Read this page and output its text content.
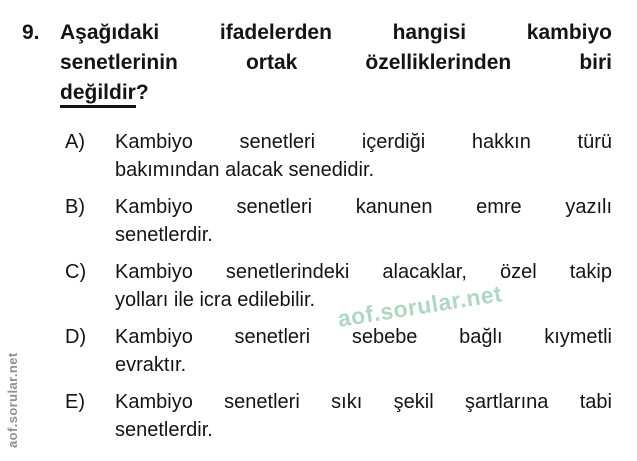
aof.sorular.net
aof.sorular.net
9. Aşağıdaki ifadelerden hangisi kambiyo
senetlerinin ortak özelliklerinden biri
değildir?
A)	Kambiyo senetleri içerdiği hakkın türü
bakımından alacak senedidir.
B)	Kambiyo senetleri kanunen emre yazılı
senetlerdir.
C)	Kambiyo senetlerindeki alacaklar, özel takip
yolları ile icra edilebilir.
D)	Kambiyo senetleri sebebe bağlı kıymetli
evraktır.
E)	Kambiyo senetleri sıkı şekil şartlarına tabi
senetlerdir.
